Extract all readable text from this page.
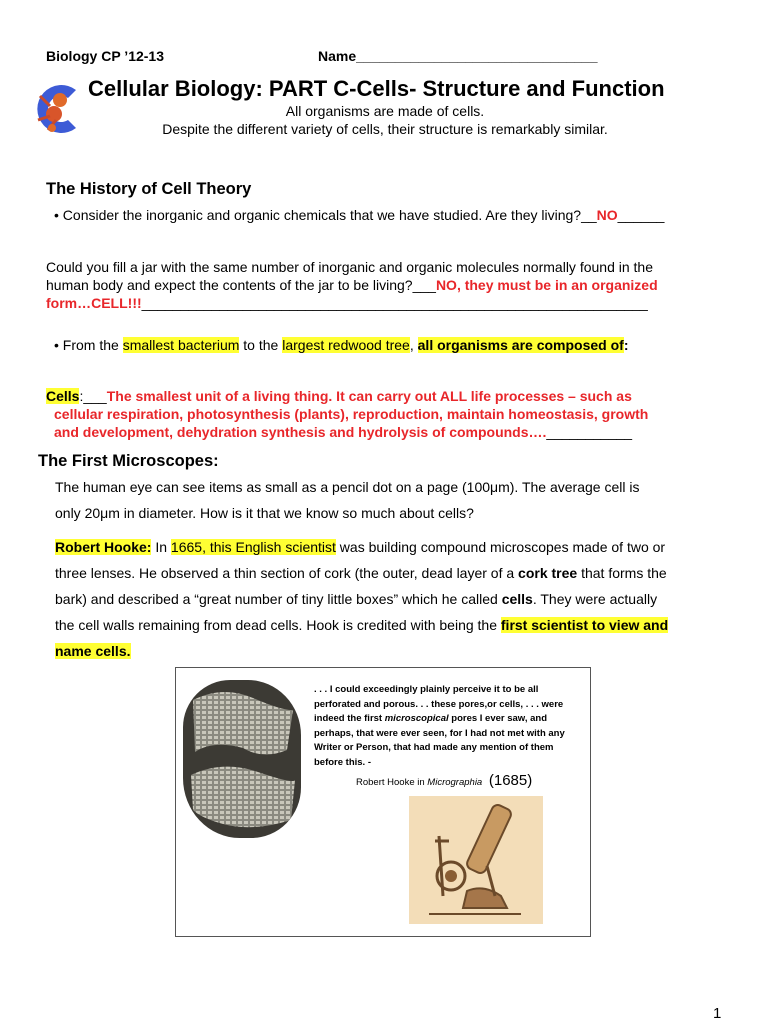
Biology CP ’12-13	Name_______________________________
Cellular Biology: PART C-Cells- Structure and Function
All organisms are made of cells.
Despite the different variety of cells, their structure is remarkably similar.
The History of Cell Theory
• Consider the inorganic and organic chemicals that we have studied. Are they living?__NO______
Could you fill a jar with the same number of inorganic and organic molecules normally found in the
human body and expect the contents of the jar to be living?___NO, they must be in an organized
form…CELL!!!_________________________________________________________________
• From the smallest bacterium to the largest redwood tree, all organisms are composed of:
Cells:___The smallest unit of a living thing. It can carry out ALL life processes – such as
cellular respiration, photosynthesis (plants), reproduction, maintain homeostasis, growth
and development, dehydration synthesis and hydrolysis of compounds….___________
The First Microscopes:
The human eye can see items as small as a pencil dot on a page (100μm). The average cell is
only 20μm in diameter. How is it that we know so much about cells?
Robert Hooke: In 1665, this English scientist was building compound microscopes made of two or
three lenses. He observed a thin section of cork (the outer, dead layer of a cork tree that forms the
bark) and described a “great number of tiny little boxes” which he called cells. They were actually
the cell walls remaining from dead cells. Hook is credited with being the first scientist to view and
name cells.
. . . I could exceedingly plainly perceive it to be all
perforated and porous. . . these pores,or cells, . . . were
indeed the first microscopical pores I ever saw, and
perhaps, that were ever seen, for I had not met with any
Writer or Person, that had made any mention of them
before this. -
Robert Hooke in Micrographia (1685)
1
